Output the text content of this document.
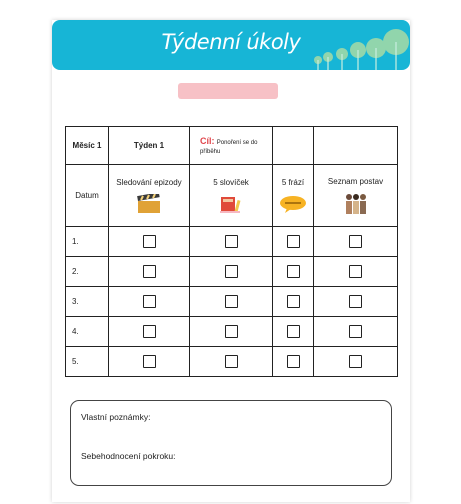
Týdenní úkoly
Měsíc 1	Týden 1	Cíl: Ponoření se do příběhu		
Datum	Sledování epizody	5 slovíček	5 frází	Seznam postav

1.				
2.				
3.				
4.				
5.				
Vlastní poznámky:
Sebehodnocení pokroku:
